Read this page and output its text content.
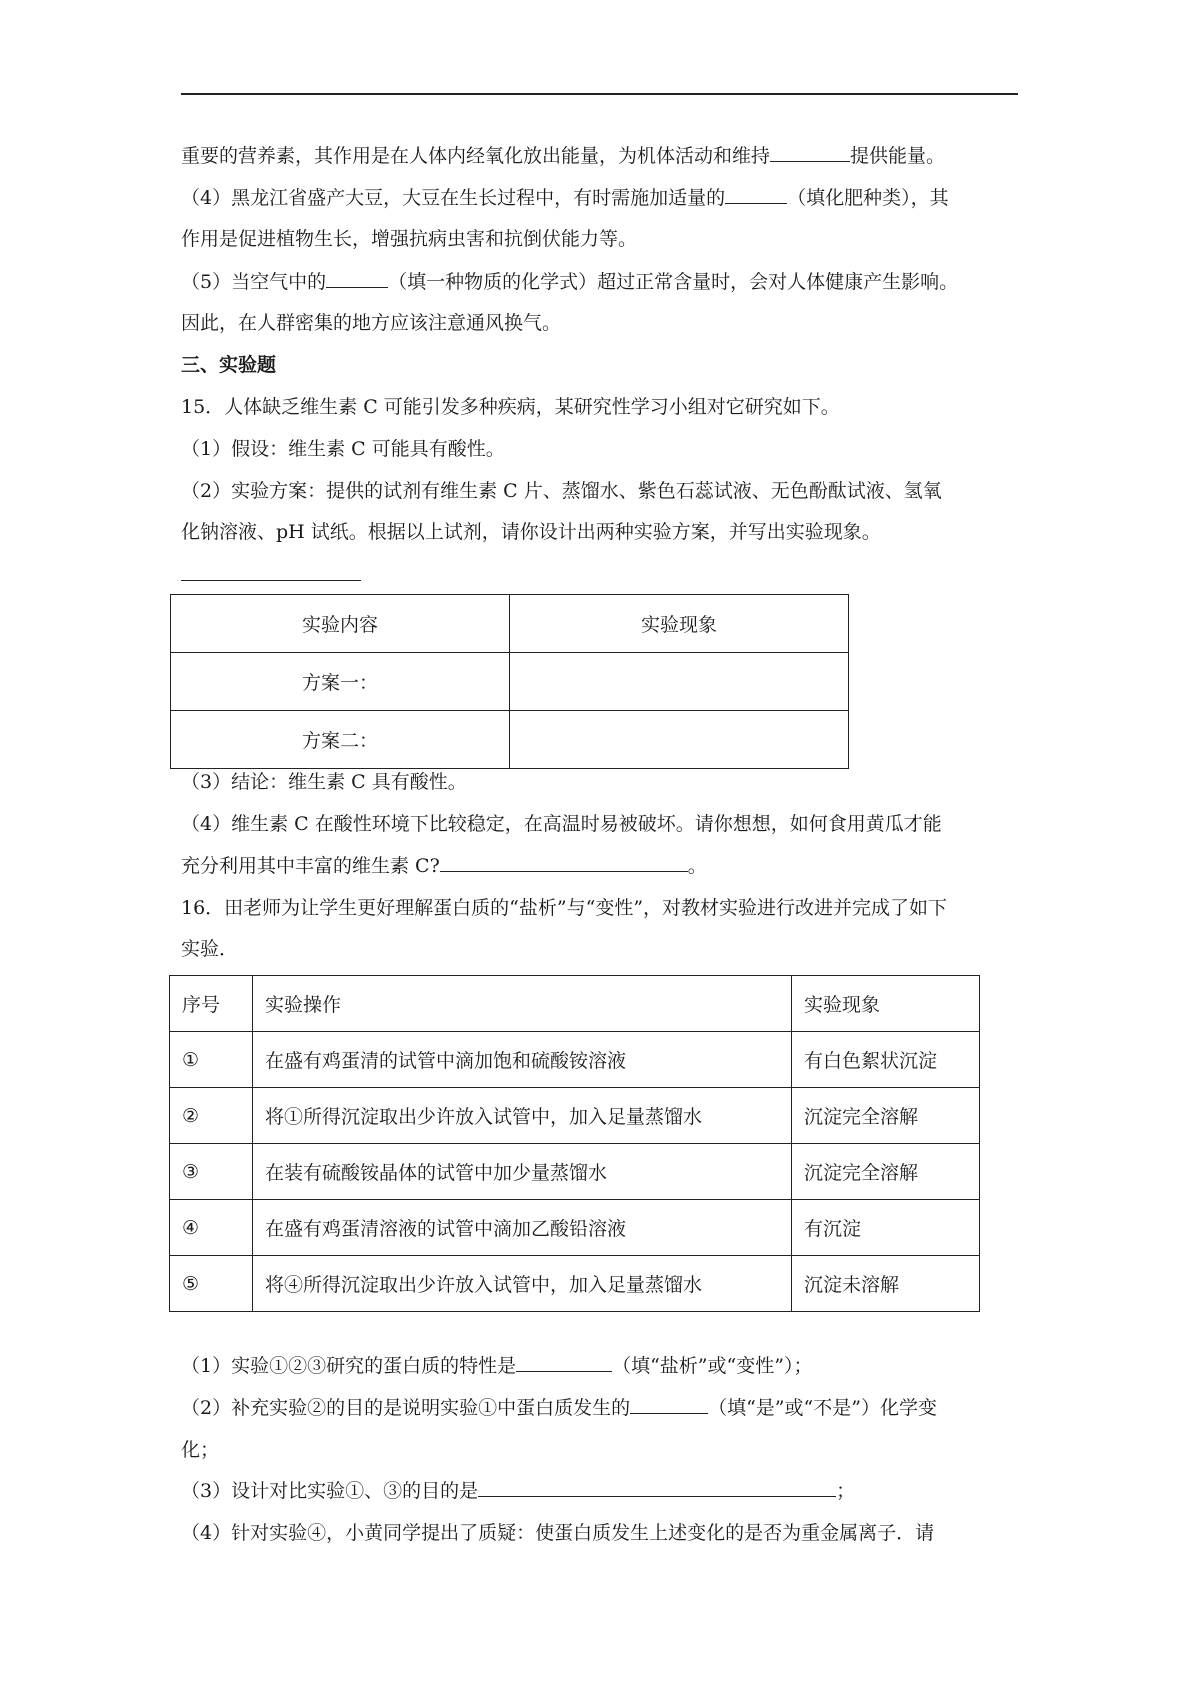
重要的营养素，其作用是在人体内经氧化放出能量，为机体活动和维持	提供能量。
（4）黑龙江省盛产大豆，大豆在生长过程中，有时需施加适量的	（填化肥种类），其
作用是促进植物生长，增强抗病虫害和抗倒伏能力等。
（5）当空气中的	（填一种物质的化学式）超过正常含量时，会对人体健康产生影响。
因此，在人群密集的地方应该注意通风换气。
三、实验题
15．人体缺乏维生素 C 可能引发多种疾病，某研究性学习小组对它研究如下。
（1）假设：维生素 C 可能具有酸性。
（2）实验方案：提供的试剂有维生素 C 片、蒸馏水、紫色石蕊试液、无色酚酞试液、氢氧
化钠溶液、pH 试纸。根据以上试剂，请你设计出两种实验方案，并写出实验现象。
实验内容	实验现象
方案一：	
方案二：	
（3）结论：维生素 C 具有酸性。
（4）维生素 C 在酸性环境下比较稳定，在高温时易被破坏。请你想想，如何食用黄瓜才能
充分利用其中丰富的维生素 C?	。
16．田老师为让学生更好理解蛋白质的“盐析”与“变性”，对教材实验进行改进并完成了如下
实验．
序号	实验操作	实验现象
①	在盛有鸡蛋清的试管中滴加饱和硫酸铵溶液	有白色絮状沉淀
②	将①所得沉淀取出少许放入试管中，加入足量蒸馏水	沉淀完全溶解
③	在装有硫酸铵晶体的试管中加少量蒸馏水	沉淀完全溶解
④	在盛有鸡蛋清溶液的试管中滴加乙酸铅溶液	有沉淀
⑤	将④所得沉淀取出少许放入试管中，加入足量蒸馏水	沉淀未溶解
（1）实验①②③研究的蛋白质的特性是	（填“盐析”或“变性”）；
（2）补充实验②的目的是说明实验①中蛋白质发生的	（填“是”或“不是”）化学变
化；
（3）设计对比实验①、③的目的是	；
（4）针对实验④，小黄同学提出了质疑：使蛋白质发生上述变化的是否为重金属离子．请
